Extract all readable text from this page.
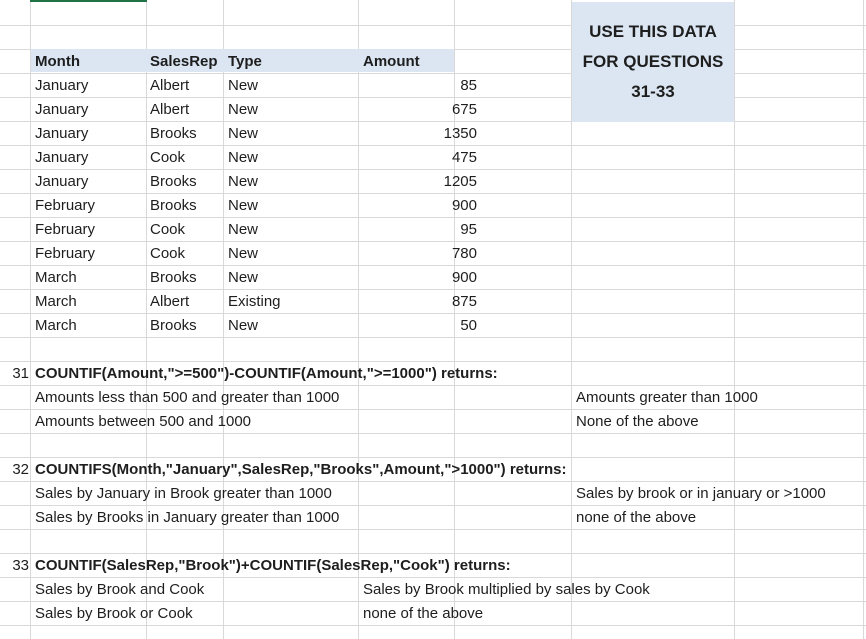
USE THIS DATA
FOR QUESTIONS
31-33
Month	SalesRep Type	Amount
January	Albert	New	85
January	Albert	New	675
January	Brooks New	1350
January	Cook	New	475
January	Brooks New	1205
February	Brooks New	900
February	Cook	New	95
February	Cook	New	780
March	Brooks New	900
March	Albert	Existing	875
March	Brooks New	50
31 COUNTIF(Amount,">=500")-COUNTIF(Amount,">=1000") returns:
Amounts less than 500 and greater than 1000	Amounts greater than 1000
Amounts between 500 and 1000	None of the above
32 COUNTIFS(Month,"January",SalesRep,"Brooks",Amount,">1000") returns:
Sales by January in Brook greater than 1000	Sales by brook or in january or >1000
Sales by Brooks in January greater than 1000	none of the above
33 COUNTIF(SalesRep,"Brook")+COUNTIF(SalesRep,"Cook") returns:
Sales by Brook and Cook	Sales by Brook multiplied by sales by Cook
Sales by Brook or Cook	none of the above
